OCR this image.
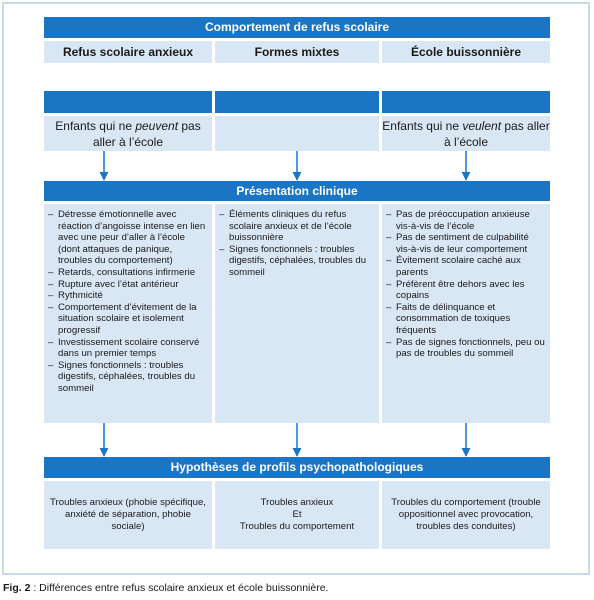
Comportement de refus scolaire
Refus scolaire anxieux	Formes mixtes	École buissonnière
Enfants qui ne peuvent pas aller à l’école
Enfants qui ne veulent pas aller à l’école
Présentation clinique
– Détresse émotionnelle avec réaction d’angoisse intense en lien avec une peur d’aller à l’école (dont attaques de panique, troubles du comportement)
– Retards, consultations infirmerie
– Rupture avec l’état antérieur
– Rythmicité
– Comportement d’évitement de la situation scolaire et isolement progressif
– Investissement scolaire conservé dans un premier temps
– Signes fonctionnels : troubles digestifs, céphalées, troubles du sommeil
– Éléments cliniques du refus scolaire anxieux et de l’école buissonnière
– Signes fonctionnels : troubles digestifs, céphalées, troubles du sommeil
– Pas de préoccupation anxieuse vis-à-vis de l’école
– Pas de sentiment de culpabilité vis-à-vis de leur comportement
– Évitement scolaire caché aux parents
– Préfèrent être dehors avec les copains
– Faits de délinquance et consommation de toxiques fréquents
– Pas de signes fonctionnels, peu ou pas de troubles du sommeil
Hypothèses de profils psychopathologiques
Troubles anxieux (phobie spécifique, anxiété de séparation, phobie sociale)
Troubles anxieux
Et
Troubles du comportement
Troubles du comportement (trouble oppositionnel avec provocation, troubles des conduites)
Fig. 2 : Différences entre refus scolaire anxieux et école buissonnière.
